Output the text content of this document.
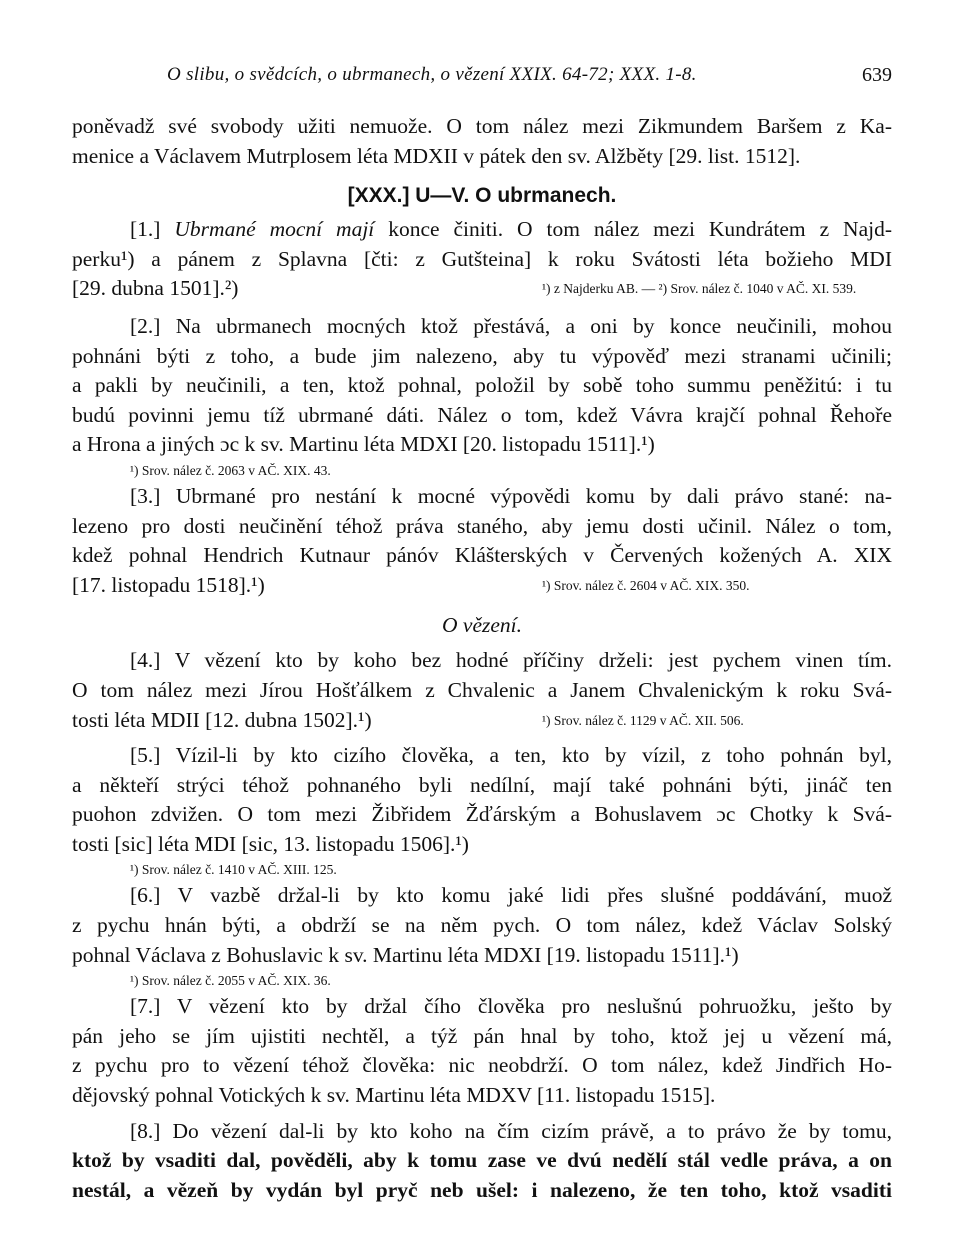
O slibu, o svědcích, o ubrmanech, o vězení XXIX. 64-72; XXX. 1-8.	639
poněvadž své svobody užiti nemuože. O tom nález mezi Zikmundem Baršem z Ka-
menice a Václavem Mutrplosem léta MDXII v pátek den sv. Alžběty [29. list. 1512].
[XXX.] U—V. O ubrmanech.
[1.] Ubrmané mocní mají konce činiti. O tom nález mezi Kundrátem z Najd-
perku¹) a pánem z Splavna [čti: z Gutšteina] k roku Svátosti léta božieho MDI
[29. dubna 1501].²)	¹) z Najderku AB. — ²) Srov. nález č. 1040 v AČ. XI. 539.
[2.] Na ubrmanech mocných ktož přestává, a oni by konce neučinili, mohou
pohnáni býti z toho, a bude jim nalezeno, aby tu výpověď mezi stranami učinili;
a pakli by neučinili, a ten, ktož pohnal, položil by sobě toho summu peněžitú: i tu
budú povinni jemu tíž ubrmané dáti. Nález o tom, kdež Vávra krajčí pohnal Řehoře
a Hrona a jiných ɔc k sv. Martinu léta MDXI [20. listopadu 1511].¹)
¹) Srov. nález č. 2063 v AČ. XIX. 43.
[3.] Ubrmané pro nestání k mocné výpovědi komu by dali právo stané: na-
lezeno pro dosti neučinění téhož práva staného, aby jemu dosti učinil. Nález o tom,
kdež pohnal Hendrich Kutnaur pánóv Klášterských v Červených kožených A. XIX
[17. listopadu 1518].¹)	¹) Srov. nález č. 2604 v AČ. XIX. 350.
O vězení.
[4.] V vězení kto by koho bez hodné příčiny drželi: jest pychem vinen tím.
O tom nález mezi Jírou Hošťálkem z Chvalenic a Janem Chvalenickým k roku Svá-
tosti léta MDII [12. dubna 1502].¹)	¹) Srov. nález č. 1129 v AČ. XII. 506.
[5.] Vízil-li by kto cizího člověka, a ten, kto by vízil, z toho pohnán byl,
a někteří strýci téhož pohnaného byli nedílní, mají také pohnáni býti, jináč ten
puohon zdvižen. O tom mezi Žibřidem Žďárským a Bohuslavem ɔc Chotky k Svá-
tosti [sic] léta MDI [sic, 13. listopadu 1506].¹)
¹) Srov. nález č. 1410 v AČ. XIII. 125.
[6.] V vazbě držal-li by kto komu jaké lidi přes slušné poddávání, muož
z pychu hnán býti, a obdrží se na něm pych. O tom nález, kdež Václav Solský
pohnal Václava z Bohuslavic k sv. Martinu léta MDXI [19. listopadu 1511].¹)
¹) Srov. nález č. 2055 v AČ. XIX. 36.
[7.] V vězení kto by držal čího člověka pro neslušnú pohruožku, ješto by
pán jeho se jím ujistiti nechtěl, a týž pán hnal by toho, ktož jej u vězení má,
z pychu pro to vězení téhož člověka: nic neobdrží. O tom nález, kdež Jindřich Ho-
dějovský pohnal Votických k sv. Martinu léta MDXV [11. listopadu 1515].
[8.] Do vězení dal-li by kto koho na čím cizím právě, a to právo že by tomu,
ktož by vsaditi dal, pověděli, aby k tomu zase ve dvú nedělí stál vedle práva, a on
nestál, a vězeň by vydán byl pryč neb ušel: i nalezeno, že ten toho, ktož vsaditi
